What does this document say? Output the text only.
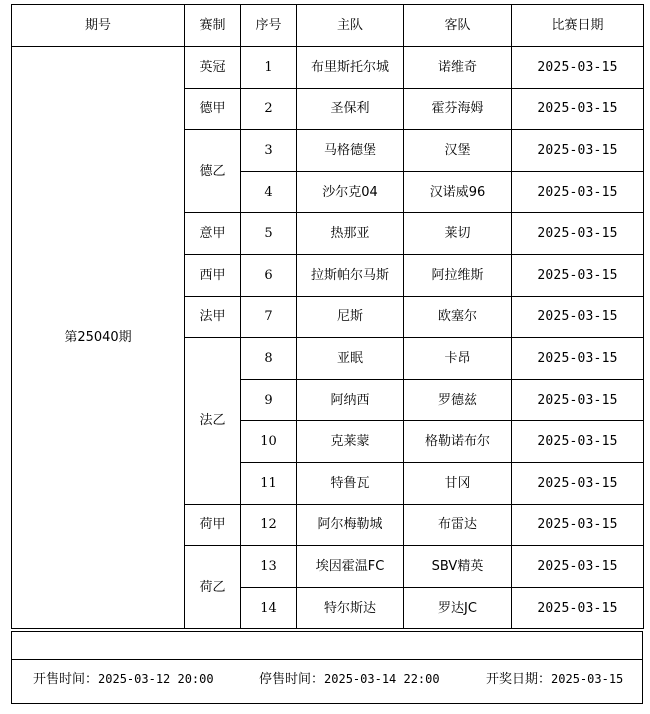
期号	赛制	序号	主队	客队	比赛日期
第25040期	英冠	1	布里斯托尔城	诺维奇	2025-03-15
	德甲	2	圣保利	霍芬海姆	2025-03-15
	德乙	3	马格德堡	汉堡	2025-03-15
		4	沙尔克04	汉诺威96	2025-03-15
	意甲	5	热那亚	莱切	2025-03-15
	西甲	6	拉斯帕尔马斯	阿拉维斯	2025-03-15
	法甲	7	尼斯	欧塞尔	2025-03-15
	法乙	8	亚眠	卡昂	2025-03-15
		9	阿纳西	罗德兹	2025-03-15
		10	克莱蒙	格勒诺布尔	2025-03-15
		11	特鲁瓦	甘冈	2025-03-15
	荷甲	12	阿尔梅勒城	布雷达	2025-03-15
	荷乙	13	埃因霍温FC	SBV精英	2025-03-15
		14	特尔斯达	罗达JC	2025-03-15
开售时间：2025-03-12 20:00	停售时间：2025-03-14 22:00	开奖日期：2025-03-15
